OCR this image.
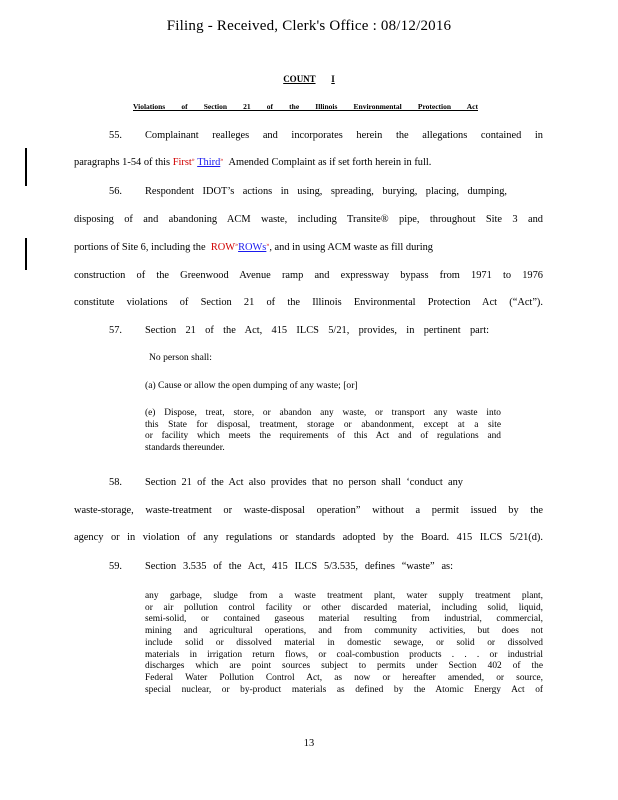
Filing - Received, Clerk's Office : 08/12/2016
COUNT I
Violations of Section 21 of the Illinois Environmental Protection Act
55. Complainant realleges and incorporates herein the allegations contained in
paragraphs 1-54 of this First» Third» Amended Complaint as if set forth herein in full.
56. Respondent IDOT’s actions in using, spreading, burying, placing, dumping,
disposing of and abandoning ACM waste, including Transite® pipe, throughout Site 3 and
portions of Site 6, including the ROW»ROWs», and in using ACM waste as fill during
construction of the Greenwood Avenue ramp and expressway bypass from 1971 to 1976
constitute violations of Section 21 of the Illinois Environmental Protection Act (“Act”).
57. Section 21 of the Act, 415 ILCS 5/21, provides, in pertinent part:
No person shall:
(a) Cause or allow the open dumping of any waste; [or]
(e) Dispose, treat, store, or abandon any waste, or transport any waste into
this State for disposal, treatment, storage or abandonment, except at a site
or facility which meets the requirements of this Act and of regulations and
standards thereunder.
58. Section 21 of the Act also provides that no person shall ‘conduct any
waste-storage, waste-treatment or waste-disposal operation” without a permit issued by the
agency or in violation of any regulations or standards adopted by the Board. 415 ILCS 5/21(d).
59. Section 3.535 of the Act, 415 ILCS 5/3.535, defines “waste” as:
any garbage, sludge from a waste treatment plant, water supply treatment plant,
or air pollution control facility or other discarded material, including solid, liquid,
semi-solid, or contained gaseous material resulting from industrial, commercial,
mining and agricultural operations, and from community activities, but does not
include solid or dissolved material in domestic sewage, or solid or dissolved
materials in irrigation return flows, or coal-combustion products . . . or industrial
discharges which are point sources subject to permits under Section 402 of the
Federal Water Pollution Control Act, as now or hereafter amended, or source,
special nuclear, or by-product materials as defined by the Atomic Energy Act of
13
